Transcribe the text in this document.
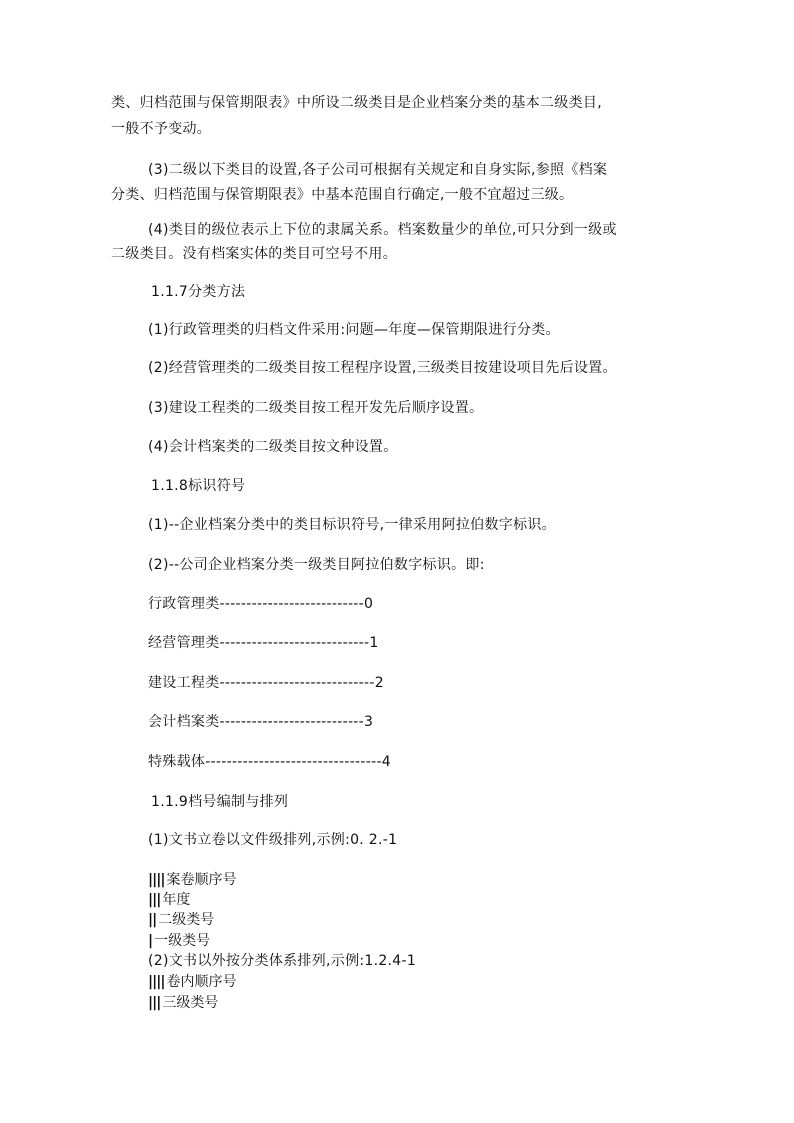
类、归档范围与保管期限表》中所设二级类目是企业档案分类的基本二级类目,
一般不予变动。
(3)二级以下类目的设置,各子公司可根据有关规定和自身实际,参照《档案
分类、归档范围与保管期限表》中基本范围自行确定,一般不宜超过三级。
(4)类目的级位表示上下位的隶属关系。档案数量少的单位,可只分到一级或
二级类目。没有档案实体的类目可空号不用。
1.1.7分类方法
(1)行政管理类的归档文件采用:问题—年度—保管期限进行分类。
(2)经营管理类的二级类目按工程程序设置,三级类目按建设项目先后设置。
(3)建设工程类的二级类目按工程开发先后顺序设置。
(4)会计档案类的二级类目按文种设置。
1.1.8标识符号
(1)--企业档案分类中的类目标识符号,一律采用阿拉伯数字标识。
(2)--公司企业档案分类一级类目阿拉伯数字标识。即:
行政管理类---------------------------0
经营管理类----------------------------1
建设工程类-----------------------------2
会计档案类---------------------------3
特殊载体---------------------------------4
1.1.9档号编制与排列
(1)文书立卷以文件级排列,示例:0. 2.-1
|||| 案卷顺序号
||| 年度
|| 二级类号
| 一级类号
(2)文书以外按分类体系排列,示例:1.2.4-1
|||| 卷内顺序号
||| 三级类号
